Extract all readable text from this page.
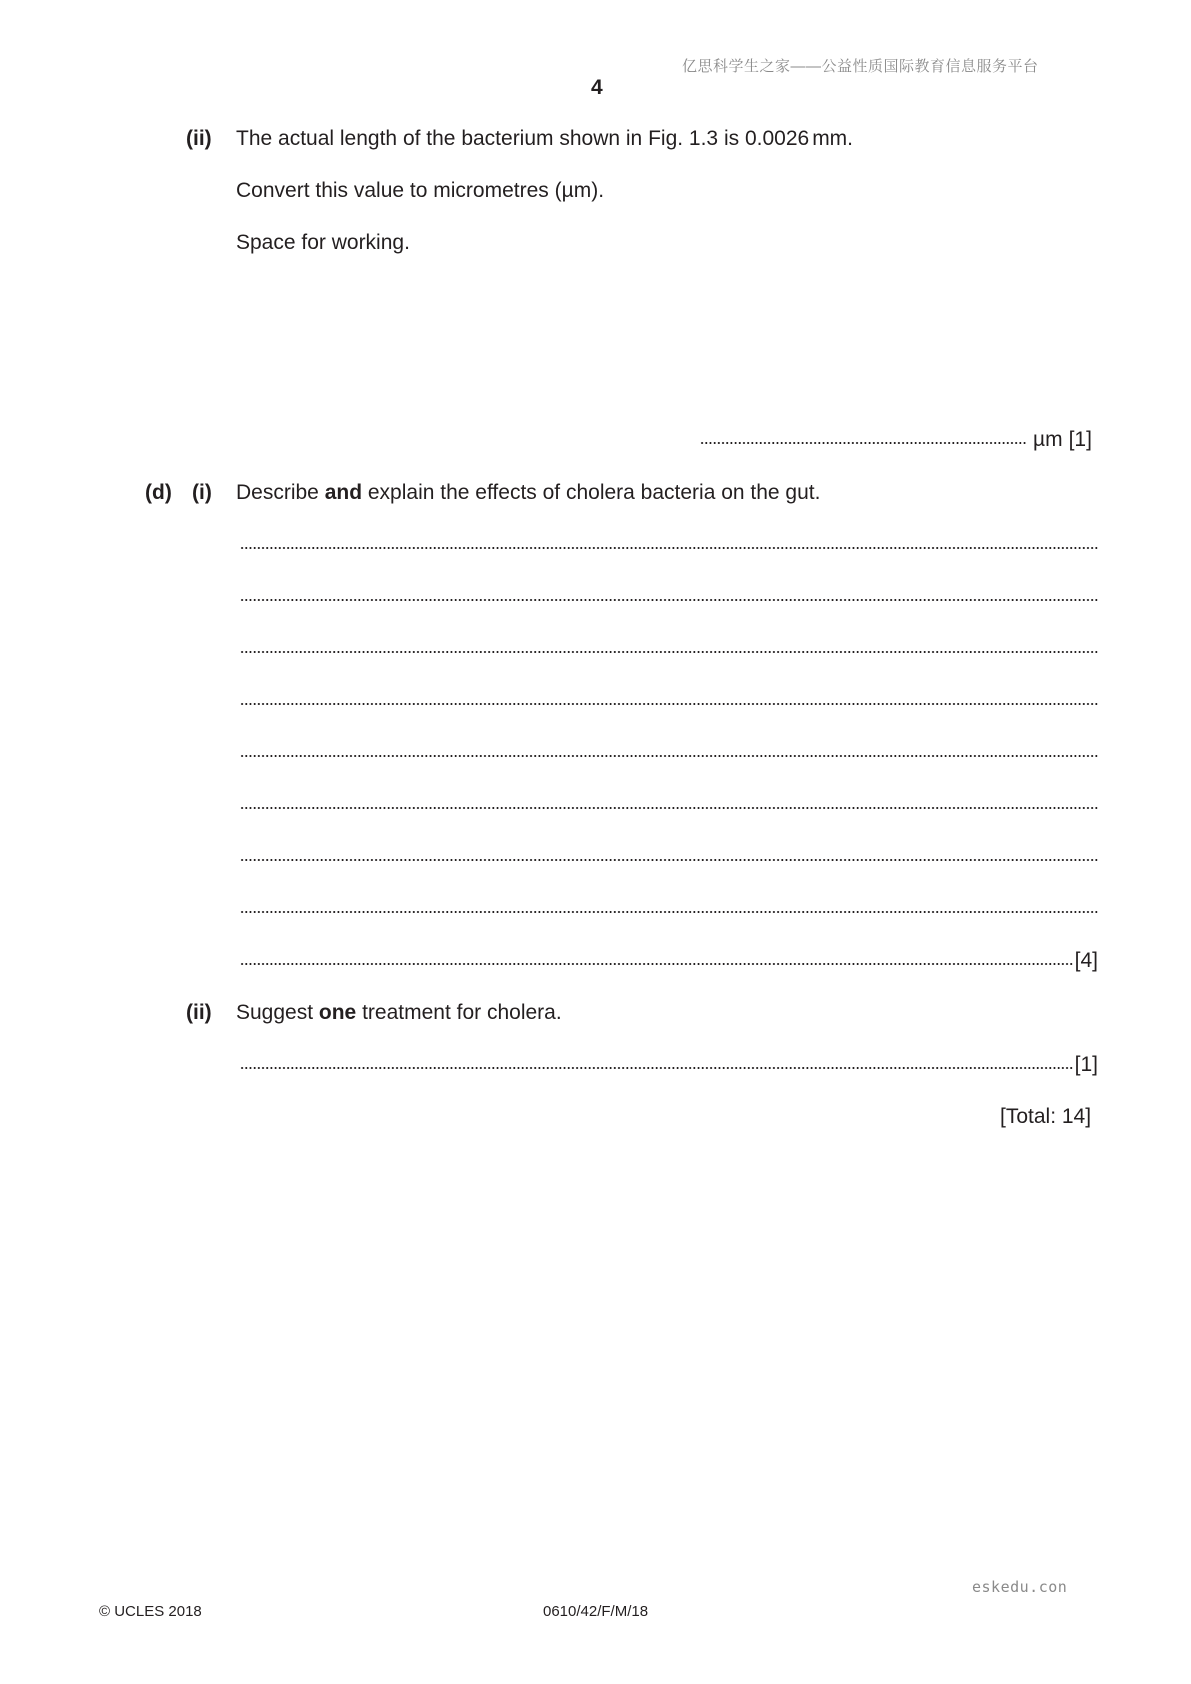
亿思科学生之家——公益性质国际教育信息服务平台
4
(ii) The actual length of the bacterium shown in Fig. 1.3 is 0.0026 mm.
Convert this value to micrometres (µm).
Space for working.
µm [1]
(d) (i) Describe and explain the effects of cholera bacteria on the gut.
[4]
(ii) Suggest one treatment for cholera.
[1]
[Total: 14]
eskedu.con
© UCLES 2018	0610/42/F/M/18
